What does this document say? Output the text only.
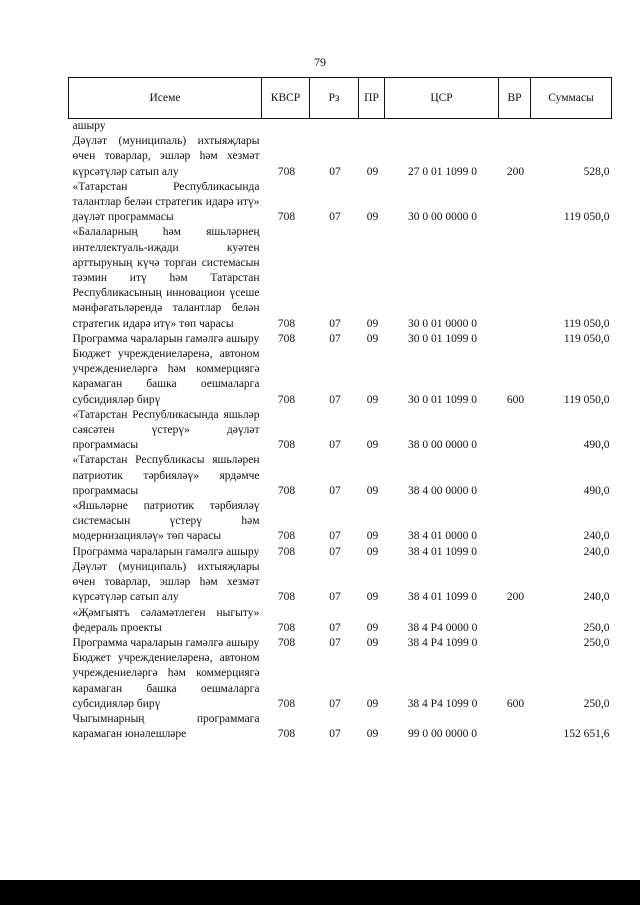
79
Исеме	КВСР	Рз	ПР	ЦСР	ВР	Суммасы
ашыру						
Дәүләт (муниципаль) ихтыяҗлары өчен товарлар, эшләр һәм хезмәт күрсәтүләр сатып алу	708	07	09	27 0 01 1099 0	200	528,0
«Татарстан Республикасында талантлар белән стратегик идарә итү» дәүләт программасы	708	07	09	30 0 00 0000 0		119 050,0
«Балаларның һәм яшьләрнең интеллектуаль-иҗади куәтен арттыруның күчә торган системасын тәэмин итү һәм Татарстан Республикасының инновацион үсеше мәнфәгатьләрендә талантлар белән стратегик идарә итү» төп чарасы	708	07	09	30 0 01 0000 0		119 050,0
Программа чараларын гамәлгә ашыру	708	07	09	30 0 01 1099 0		119 050,0
Бюджет учреждениеләренә, автоном учреждениеләргә һәм коммерциягә карамаган башка оешмаларга субсидияләр бирү	708	07	09	30 0 01 1099 0	600	119 050,0
«Татарстан Республикасында яшьләр сәясәтен үстерү» дәүләт программасы	708	07	09	38 0 00 0000 0		490,0
«Татарстан Республикасы яшьләрен патриотик тәрбияләү» ярдәмче программасы	708	07	09	38 4 00 0000 0		490,0
«Яшьләрне патриотик тәрбияләү системасын үстерү һәм модернизацияләү» төп чарасы	708	07	09	38 4 01 0000 0		240,0
Программа чараларын гамәлгә ашыру	708	07	09	38 4 01 1099 0		240,0
Дәүләт (муниципаль) ихтыяҗлары өчен товарлар, эшләр һәм хезмәт күрсәтүләр сатып алу	708	07	09	38 4 01 1099 0	200	240,0
«Җәмгыятъ сәламәтлеген ныгыту» федераль проекты	708	07	09	38 4 P4 0000 0		250,0
Программа чараларын гамәлгә ашыру	708	07	09	38 4 P4 1099 0		250,0
Бюджет учреждениеләренә, автоном учреждениеләргә һәм коммерциягә карамаган башка оешмаларга субсидияләр бирү	708	07	09	38 4 P4 1099 0	600	250,0
Чыгымнарның программага карамаган юнәлешләре	708	07	09	99 0 00 0000 0		152 651,6
